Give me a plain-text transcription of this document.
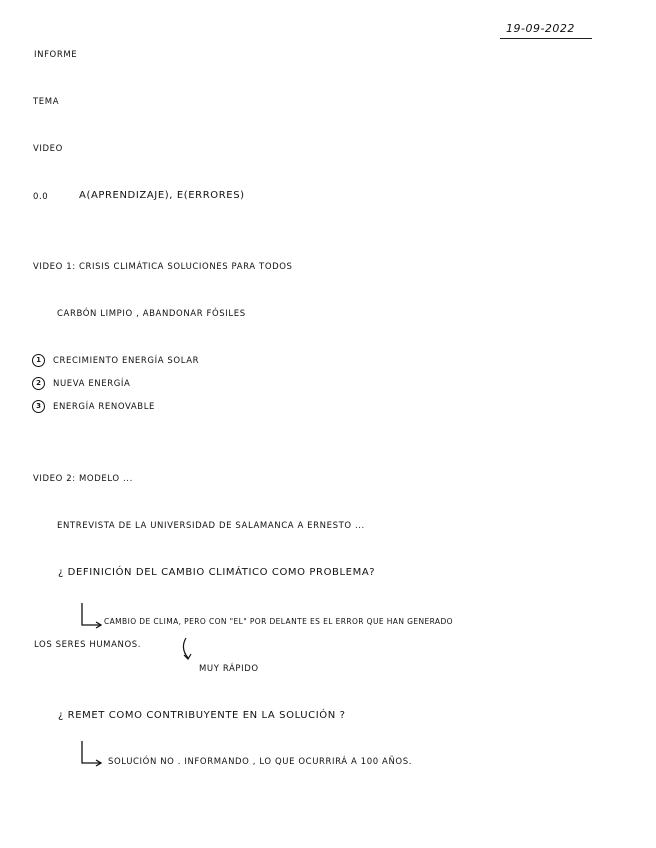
19-09-2022
INFORME
TEMA
VIDEO
0.0	A(APRENDIZAJE), E(ERRORES)
VIDEO 1: CRISIS CLIMÁTICA SOLUCIONES PARA TODOS
CARBÓN LIMPIO , ABANDONAR FÓSILES
1	CRECIMIENTO ENERGÍA SOLAR
2	NUEVA ENERGÍA
3	ENERGÍA RENOVABLE
VIDEO 2: MODELO ...
ENTREVISTA DE LA UNIVERSIDAD DE SALAMANCA A ERNESTO ...
¿ DEFINICIÓN DEL CAMBIO CLIMÁTICO COMO PROBLEMA?
CAMBIO DE CLIMA, PERO CON "EL" POR DELANTE ES EL ERROR QUE HAN GENERADO
LOS SERES HUMANOS.
MUY RÁPIDO
¿ REMET COMO CONTRIBUYENTE EN LA SOLUCIÓN ?
SOLUCIÓN NO . INFORMANDO , LO QUE OCURRIRÁ A 100 AÑOS.
